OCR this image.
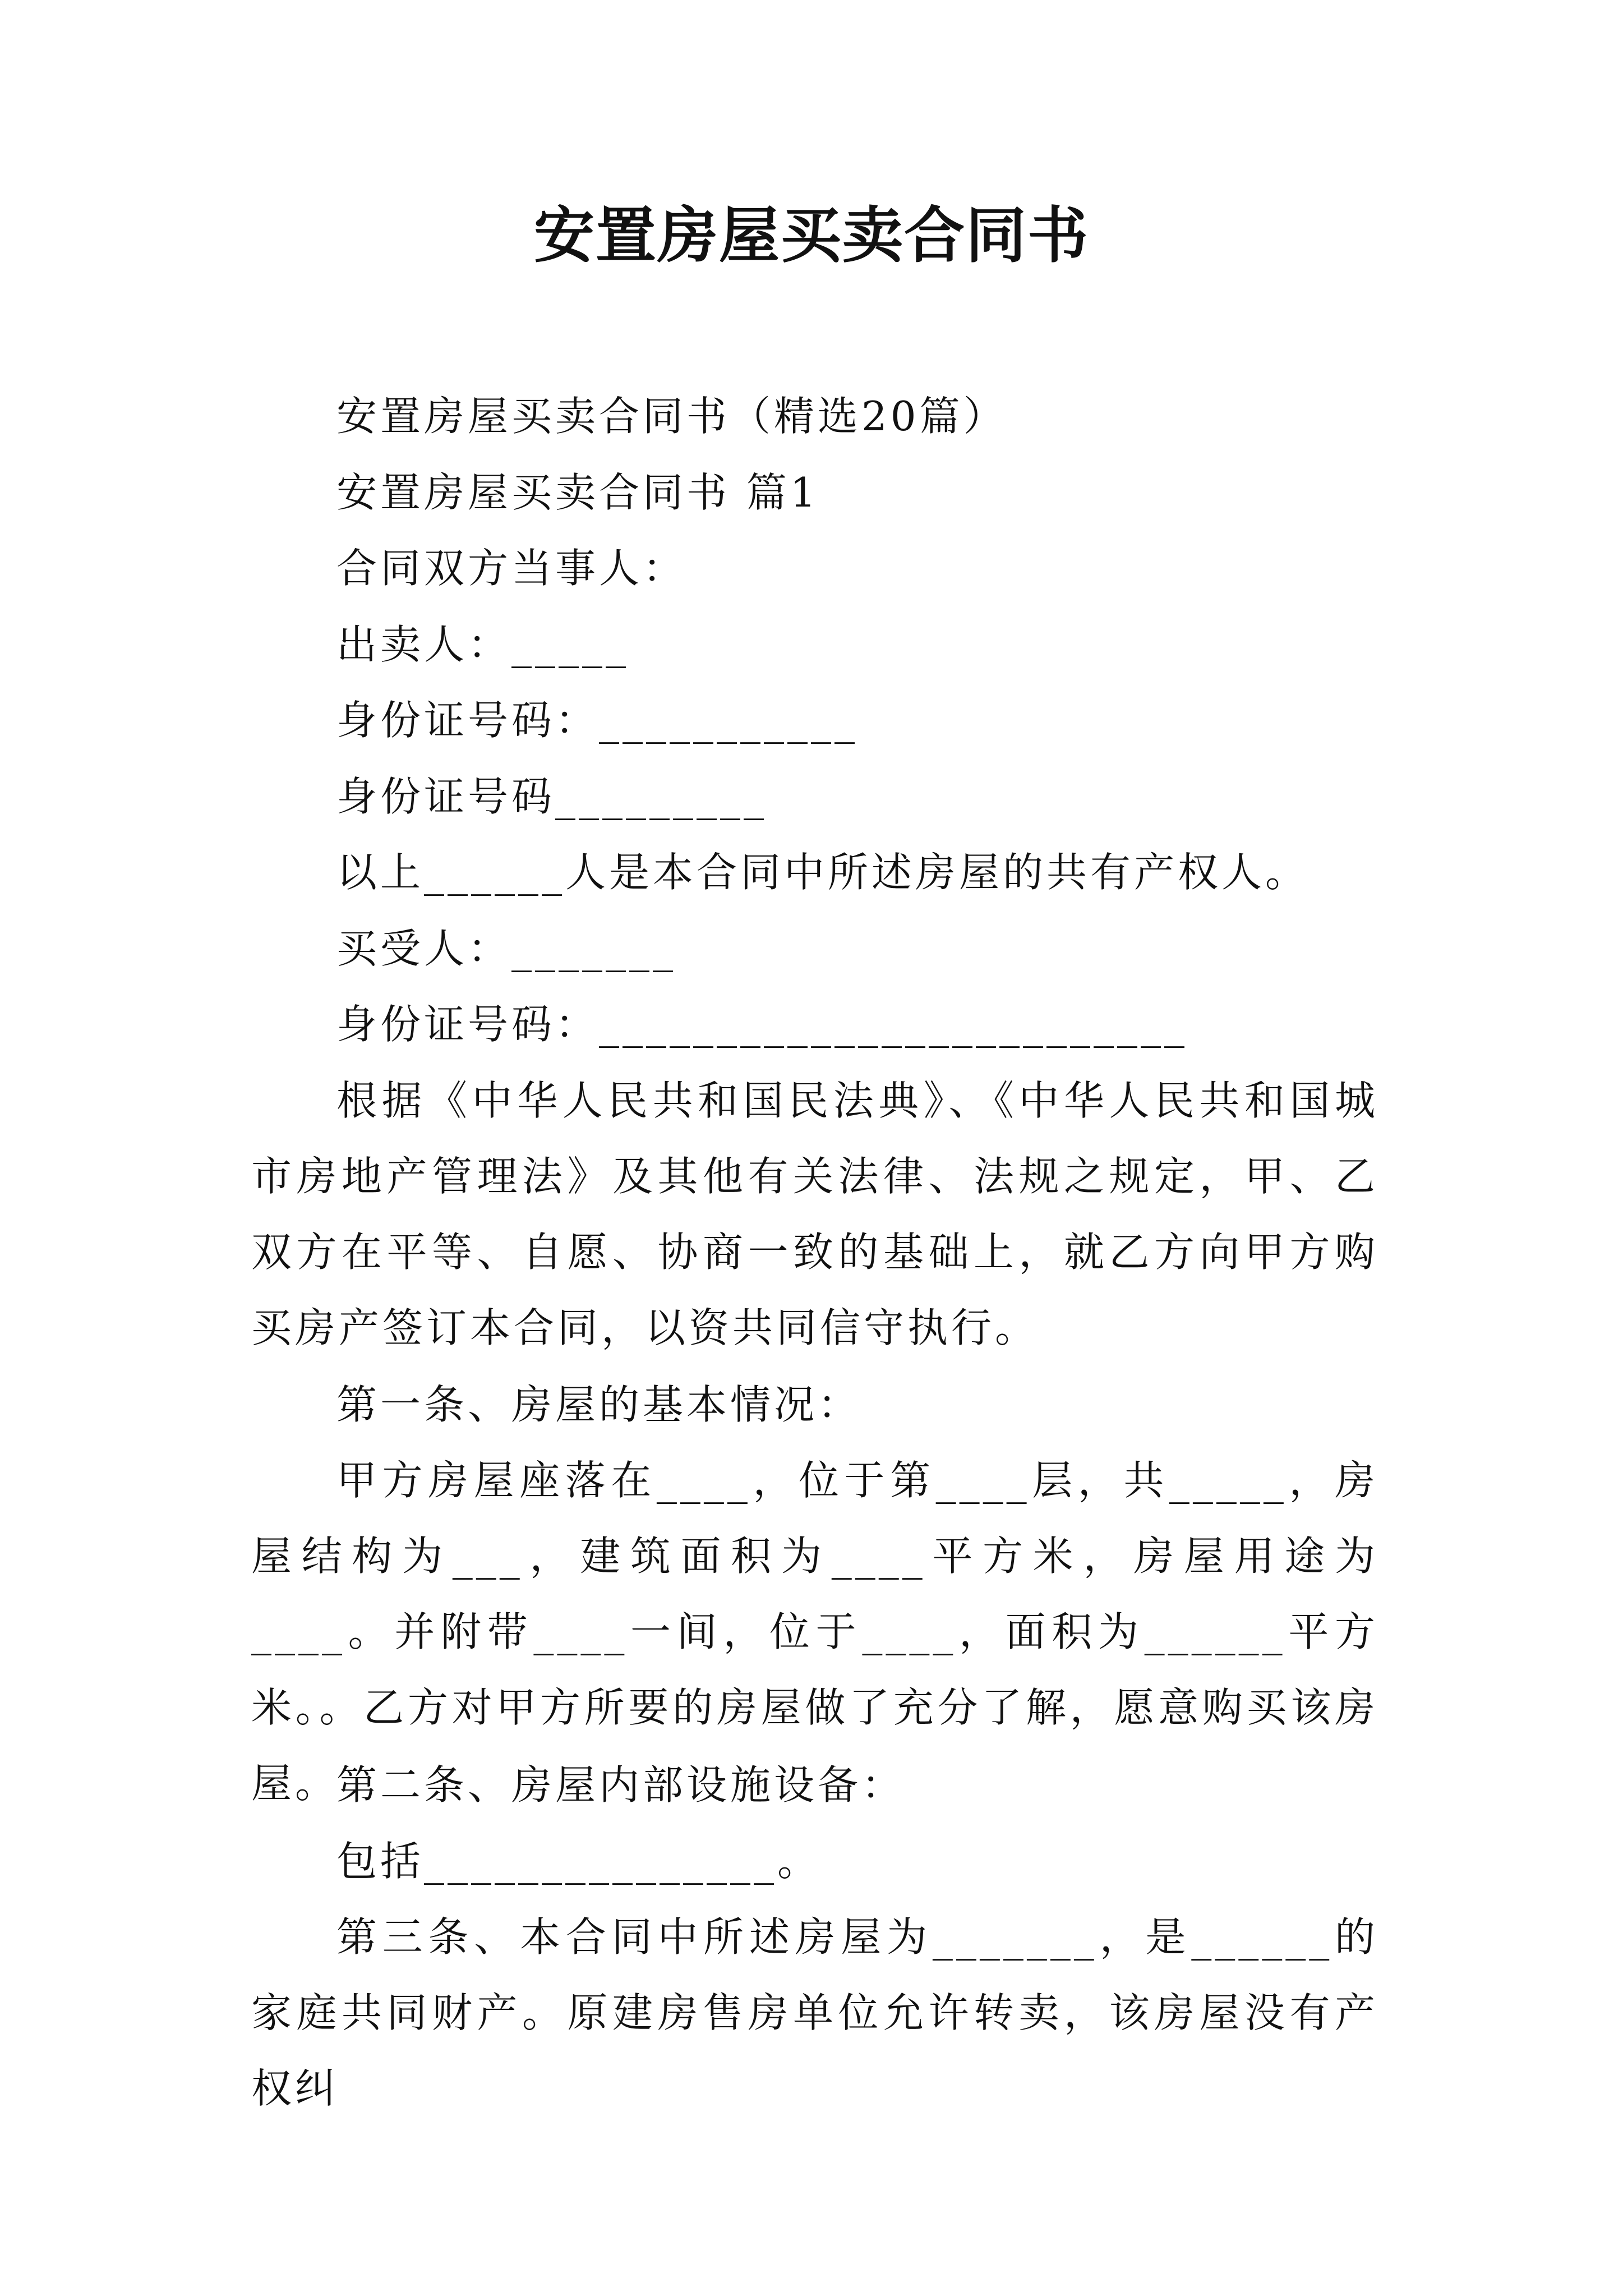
安置房屋买卖合同书
安置房屋买卖合同书（精选20篇）
安置房屋买卖合同书 篇1
合同双方当事人：
出卖人：_____
身份证号码：___________
身份证号码_________
以上______人是本合同中所述房屋的共有产权人。
买受人：_______
身份证号码：_________________________
根据《中华人民共和国民法典》、《中华人民共和国城市房地产管理法》及其他有关法律、法规之规定，甲、乙双方在平等、自愿、协商一致的基础上，就乙方向甲方购买房产签订本合同，以资共同信守执行。
第一条、房屋的基本情况：
甲方房屋座落在____，位于第____层，共_____，房屋结构为___，建筑面积为____平方米，房屋用途为____。并附带____一间，位于____，面积为______平方米。。乙方对甲方所要的房屋做了充分了解，愿意购买该房屋。
第二条、房屋内部设施设备：
包括_______________。
第三条、本合同中所述房屋为_______，是______的家庭共同财产。原建房售房单位允许转卖，该房屋没有产权纠
